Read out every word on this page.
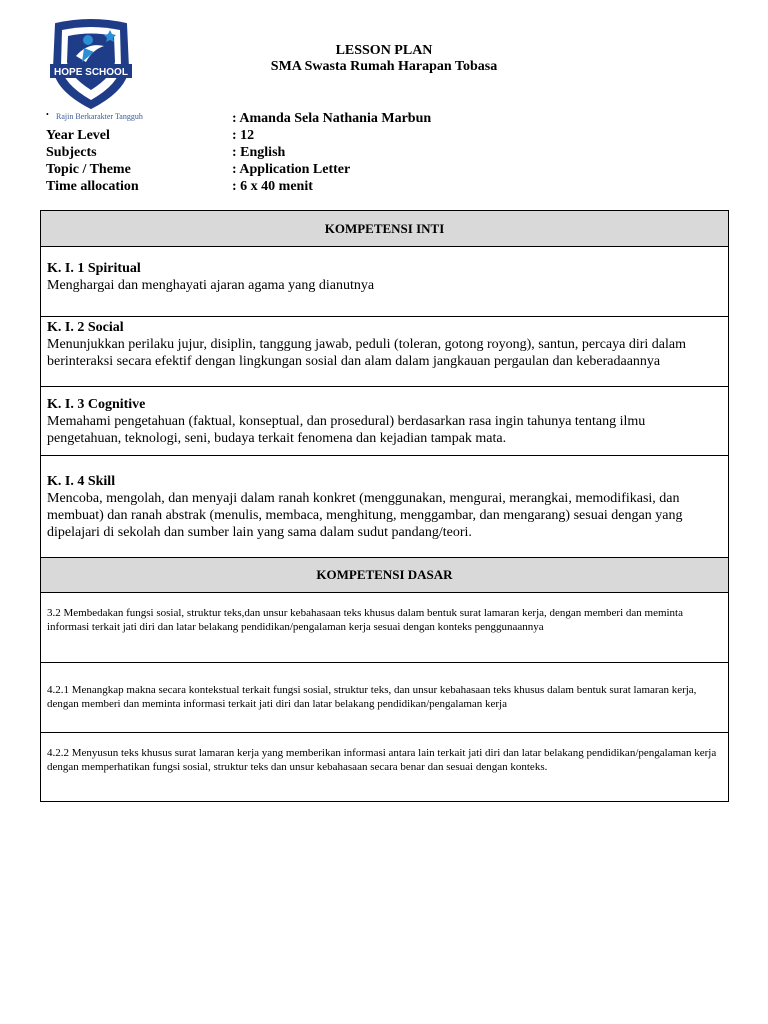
HOPE SCHOOL
• Rajin Berkarakter Tangguh
LESSON PLAN
SMA Swasta Rumah Harapan Tobasa
: Amanda Sela Nathania Marbun
Year Level	: 12
Subjects	: English
Topic / Theme	: Application Letter
Time allocation	: 6 x 40 menit
KOMPETENSI INTI
K. I. 1 Spiritual
Menghargai dan menghayati ajaran agama yang dianutnya
K. I. 2 Social
Menunjukkan perilaku jujur, disiplin, tanggung jawab, peduli (toleran, gotong royong), santun, percaya diri dalam berinteraksi secara efektif dengan lingkungan sosial dan alam dalam jangkauan pergaulan dan keberadaannya
K. I. 3 Cognitive
Memahami pengetahuan (faktual, konseptual, dan prosedural) berdasarkan rasa ingin tahunya tentang ilmu pengetahuan, teknologi, seni, budaya terkait fenomena dan kejadian tampak mata.
K. I. 4 Skill
Mencoba, mengolah, dan menyaji dalam ranah konkret (menggunakan, mengurai, merangkai, memodifikasi, dan membuat) dan ranah abstrak (menulis, membaca, menghitung, menggambar, dan mengarang) sesuai dengan yang dipelajari di sekolah dan sumber lain yang sama dalam sudut pandang/teori.
KOMPETENSI DASAR

3.2 Membedakan fungsi sosial, struktur teks,dan unsur kebahasaan teks khusus dalam bentuk surat lamaran kerja, dengan memberi dan meminta informasi terkait jati diri dan latar belakang pendidikan/pengalaman kerja sesuai dengan konteks penggunaannya

4.2.1 Menangkap makna secara kontekstual terkait fungsi sosial, struktur teks, dan unsur kebahasaan teks khusus dalam bentuk surat lamaran kerja, dengan memberi dan meminta informasi terkait jati diri dan latar belakang pendidikan/pengalaman kerja

4.2.2 Menyusun teks khusus surat lamaran kerja yang memberikan informasi antara lain terkait jati diri dan latar belakang pendidikan/pengalaman kerja dengan memperhatikan fungsi sosial, struktur teks dan unsur kebahasaan secara benar dan sesuai dengan konteks.
